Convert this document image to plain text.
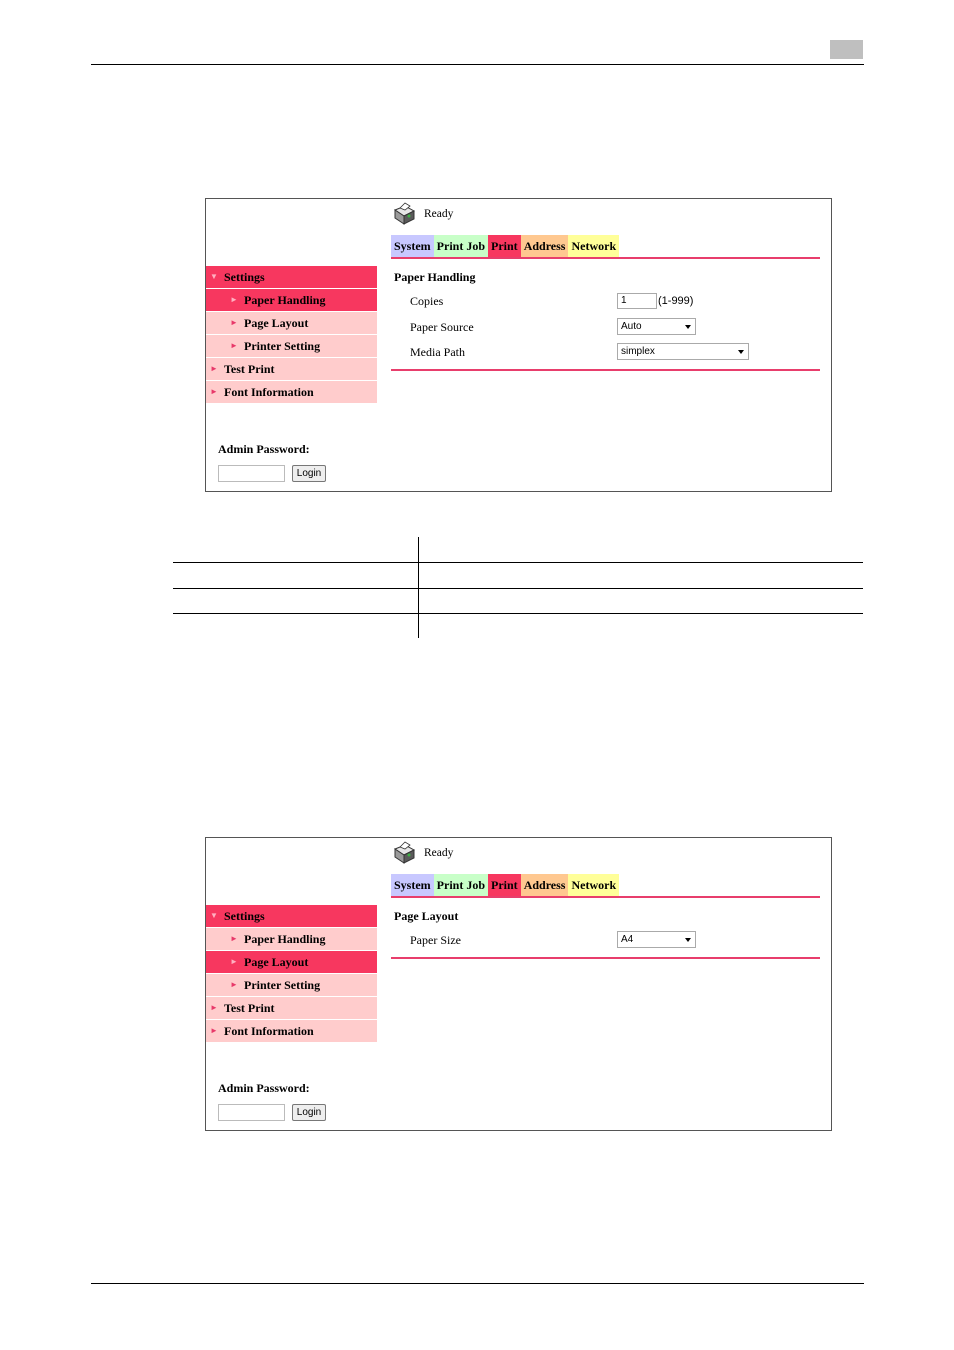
Ready
System Print Job Print Address Network
▼ Settings
► Paper Handling
► Page Layout
► Printer Setting
► Test Print
► Font Information
Paper Handling
Copies	1	(1-999)
Paper Source	Auto
Media Path	simplex
Admin Password:
Login
Ready
System Print Job Print Address Network
▼ Settings
► Paper Handling
► Page Layout
► Printer Setting
► Test Print
► Font Information
Page Layout
Paper Size	A4
Admin Password:
Login
